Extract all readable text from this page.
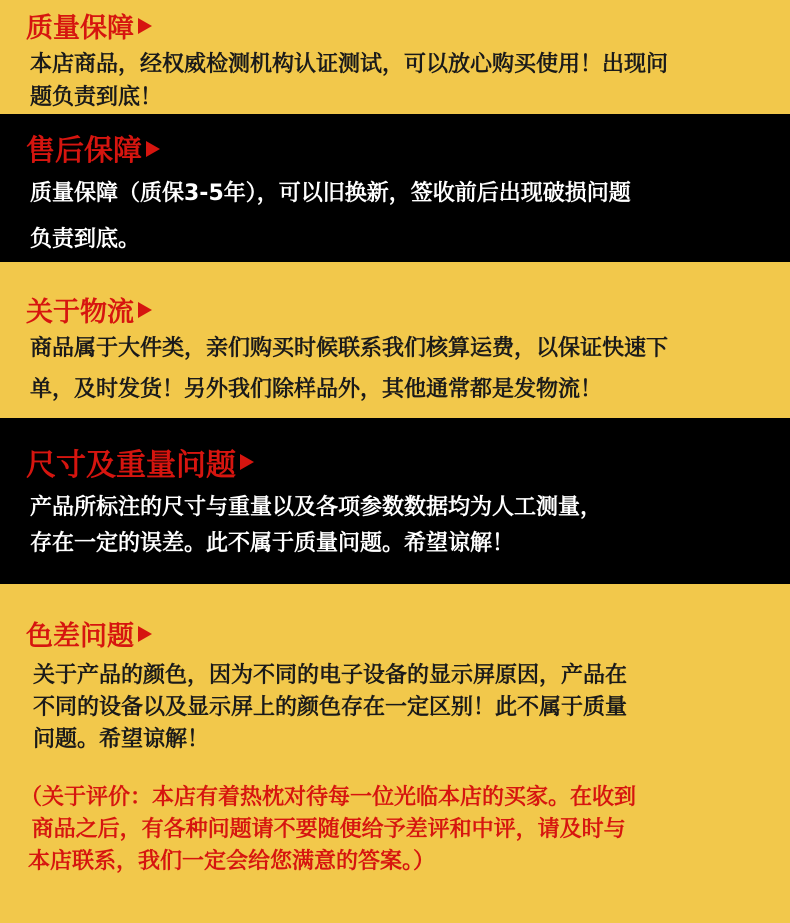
质量保障
本店商品，经权威检测机构认证测试，可以放心购买使用！出现问
题负责到底！
售后保障
质量保障（质保3-5年），可以旧换新，签收前后出现破损问题
负责到底。
关于物流
商品属于大件类，亲们购买时候联系我们核算运费，以保证快速下
单，及时发货！另外我们除样品外，其他通常都是发物流！
尺寸及重量问题
产品所标注的尺寸与重量以及各项参数数据均为人工测量，
存在一定的误差。此不属于质量问题。希望谅解！
色差问题
关于产品的颜色，因为不同的电子设备的显示屏原因，产品在
不同的设备以及显示屏上的颜色存在一定区别！此不属于质量
问题。希望谅解！
（关于评价：本店有着热枕对待每一位光临本店的买家。在收到
商品之后，有各种问题请不要随便给予差评和中评，请及时与
本店联系，我们一定会给您满意的答案。）
